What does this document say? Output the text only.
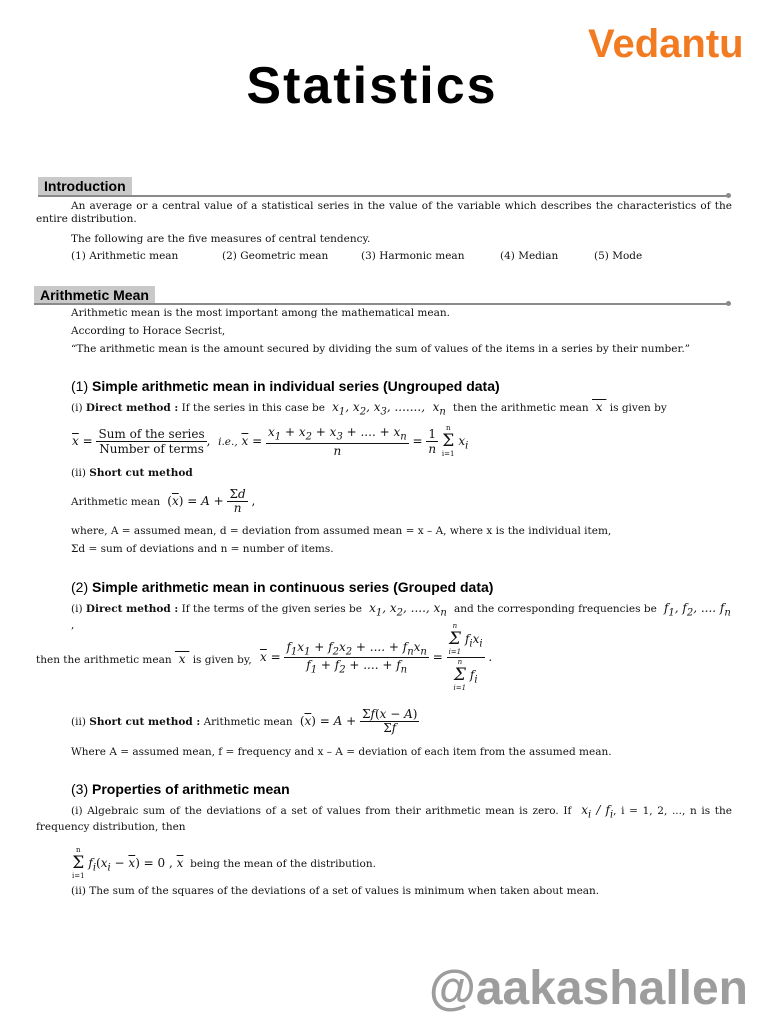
Vedantu
Statistics
Introduction
An average or a central value of a statistical series in the value of the variable which describes the characteristics of the entire distribution.
The following are the five measures of central tendency.
(1) Arithmetic mean	(2) Geometric mean	(3) Harmonic mean	(4) Median	(5) Mode
Arithmetic Mean
Arithmetic mean is the most important among the mathematical mean.
According to Horace Secrist,
“The arithmetic mean is the amount secured by dividing the sum of values of the items in a series by their number.”
(1) Simple arithmetic mean in individual series (Ungrouped data)
(i) Direct method : If the series in this case be  $x_1$, $x_2$, $x_3$, .......,  $x_n$ then the arithmetic mean  x  is given by
$\overline{x} = \frac{\text{Sum of the series}}{\text{Number of terms}}$ ,  i.e., $\overline{x} = \frac{x_1 + x_2 + x_3 + .... + x_n}{n} = \frac{1}{n}$
	n
Σ
i=1
$x_i$
(ii) Short cut method
Arithmetic mean  $(\overline{x}) = A + \frac{\Sigma d}{n}$ ,
where, A = assumed mean, d = deviation from assumed mean = x – A, where x is the individual item,
Σd = sum of deviations and n = number of items.
(2) Simple arithmetic mean in continuous series (Grouped data)
(i) Direct method : If the terms of the given series be  $x_1$, $x_2$, ...., $x_n$ and the corresponding frequencies be  $f_1$, $f_2$, .... $f_n$ ,
then the arithmetic mean  x  is given by, $\overline{x} = \frac{f_1x_1 + f_2x_2 + .... + f_nx_n}{f_1 + f_2 + .... + f_n} = n$
Σ
i=1
$f_ix_i$
n
Σ
i=1
$f_i$ .
(ii) Short cut method : Arithmetic mean  $(\overline{x}) = A + \frac{\Sigma f(x - A)}{\Sigma f}$
Where A = assumed mean, f = frequency and x – A = deviation of each item from the assumed mean.
(3) Properties of arithmetic mean
(i) Algebraic sum of the deviations of a set of values from their arithmetic mean is zero. If  $x_i / f_i$, i = 1, 2, ..., n is the frequency distribution, then
n
Σ
i=1
$f_i(x_i - \overline{x}) = 0$ , $\overline{x}$ being the mean of the distribution.
(ii) The sum of the squares of the deviations of a set of values is minimum when taken about mean.
@aakashallen
